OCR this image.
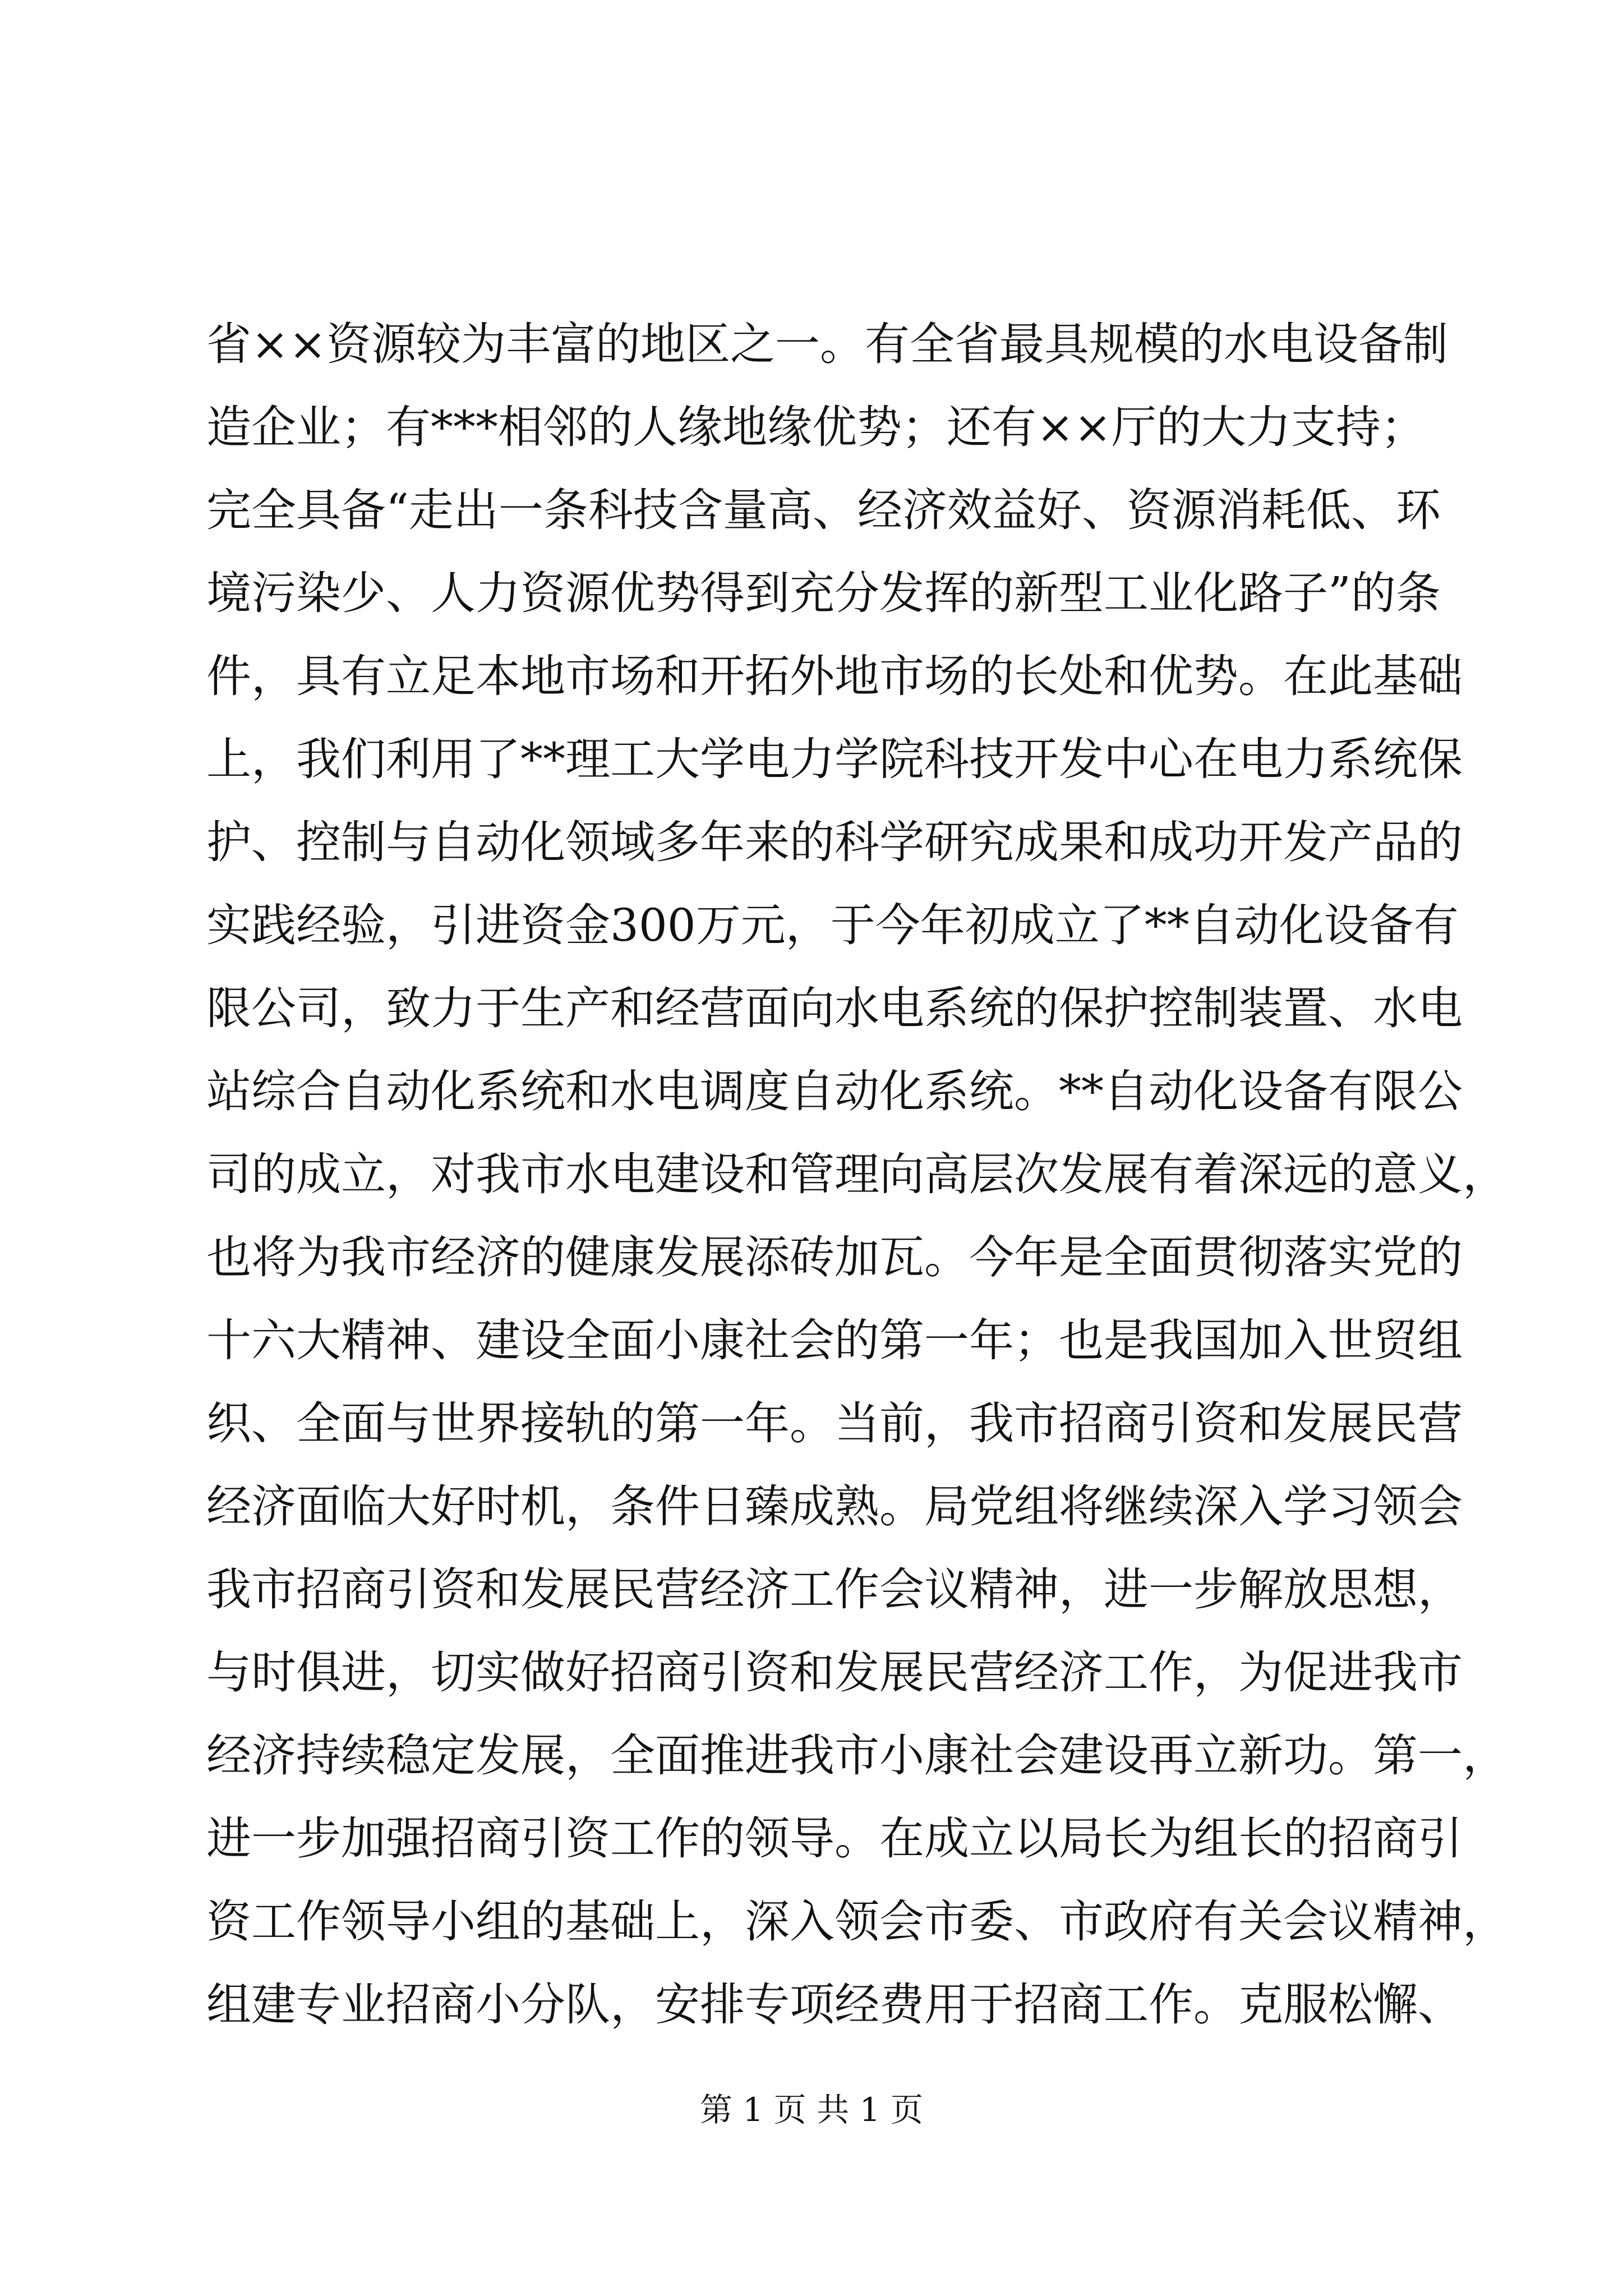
省××资源较为丰富的地区之一。有全省最具规模的水电设备制
造企业；有***相邻的人缘地缘优势；还有××厅的大力支持；
完全具备“走出一条科技含量高、经济效益好、资源消耗低、环
境污染少、人力资源优势得到充分发挥的新型工业化路子”的条
件，具有立足本地市场和开拓外地市场的长处和优势。在此基础
上，我们利用了**理工大学电力学院科技开发中心在电力系统保
护、控制与自动化领域多年来的科学研究成果和成功开发产品的
实践经验，引进资金300万元，于今年初成立了**自动化设备有
限公司，致力于生产和经营面向水电系统的保护控制装置、水电
站综合自动化系统和水电调度自动化系统。**自动化设备有限公
司的成立，对我市水电建设和管理向高层次发展有着深远的意义，
也将为我市经济的健康发展添砖加瓦。今年是全面贯彻落实党的
十六大精神、建设全面小康社会的第一年；也是我国加入世贸组
织、全面与世界接轨的第一年。当前，我市招商引资和发展民营
经济面临大好时机，条件日臻成熟。局党组将继续深入学习领会
我市招商引资和发展民营经济工作会议精神，进一步解放思想，
与时俱进，切实做好招商引资和发展民营经济工作，为促进我市
经济持续稳定发展，全面推进我市小康社会建设再立新功。第一，
进一步加强招商引资工作的领导。在成立以局长为组长的招商引
资工作领导小组的基础上，深入领会市委、市政府有关会议精神，
组建专业招商小分队，安排专项经费用于招商工作。克服松懈、
第 1 页 共 1 页
